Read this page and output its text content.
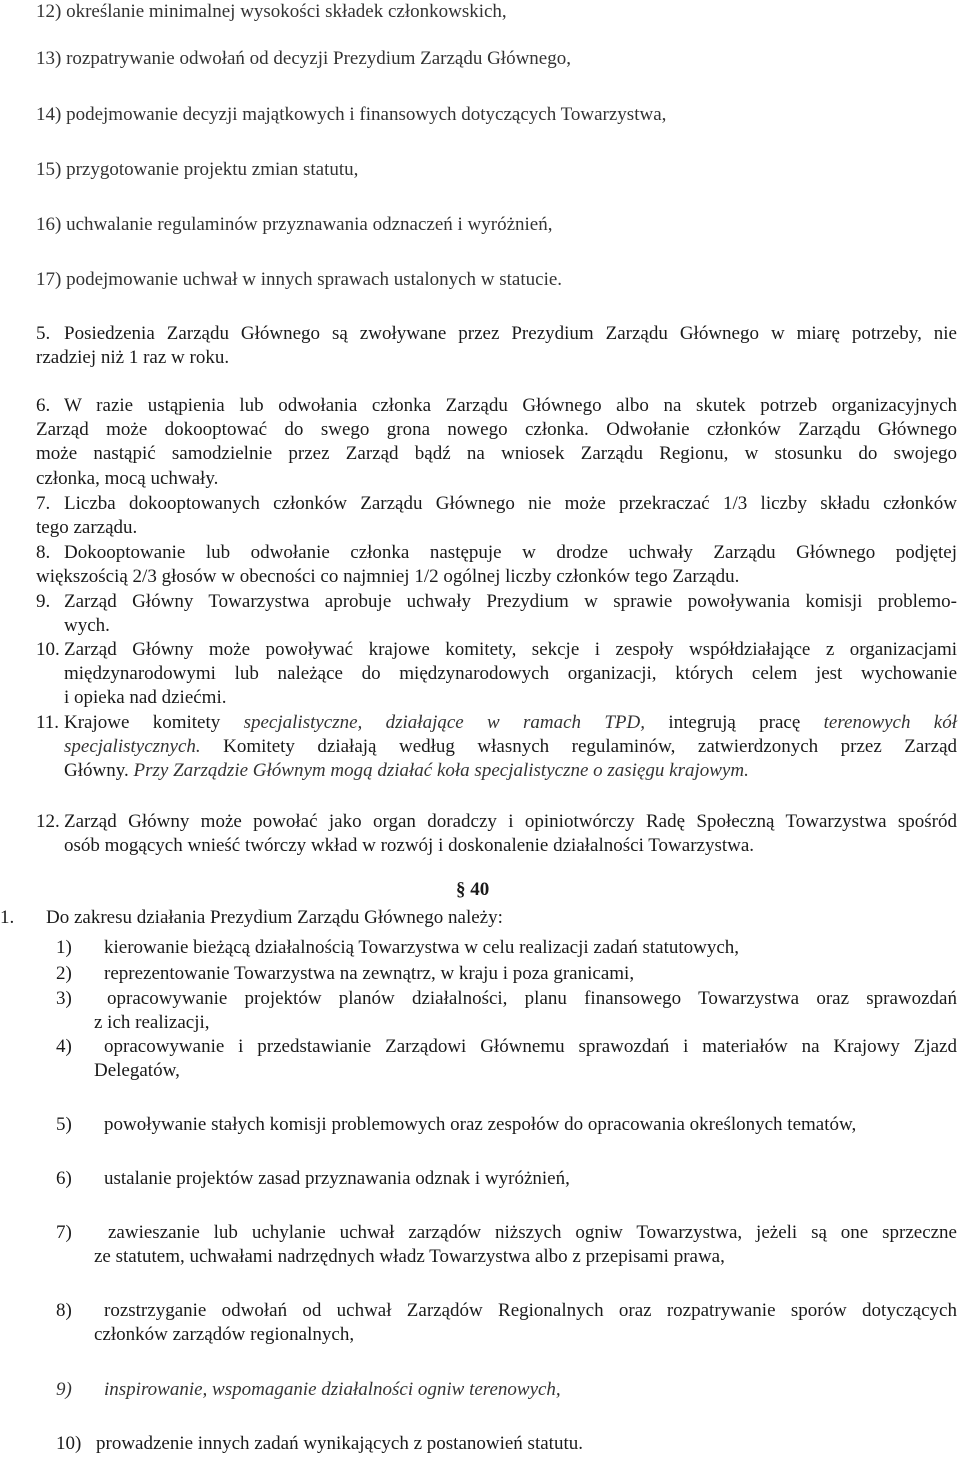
12) określanie minimalnej wysokości składek członkowskich,
13) rozpatrywanie odwołań od decyzji Prezydium Zarządu Głównego,
14) podejmowanie decyzji majątkowych i finansowych dotyczących Towarzystwa,
15) przygotowanie projektu zmian statutu,
16) uchwalanie regulaminów przyznawania odznaczeń i wyróżnień,
17) podejmowanie uchwał w innych sprawach ustalonych w statucie.
5. Posiedzenia Zarządu Głównego są zwoływane przez Prezydium Zarządu Głównego w miarę potrzeby, nie
rzadziej niż 1 raz w roku.
6. W razie ustąpienia lub odwołania członka Zarządu Głównego albo na skutek potrzeb organizacyjnych
Zarząd może dokooptować do swego grona nowego członka. Odwołanie członków Zarządu Głównego
może nastąpić samodzielnie przez Zarząd bądź na wniosek Zarządu Regionu, w stosunku do swojego
członka, mocą uchwały.
7. Liczba dokooptowanych członków Zarządu Głównego nie może przekraczać 1/3 liczby składu członków
tego zarządu.
8. Dokooptowanie lub odwołanie członka następuje w drodze uchwały Zarządu Głównego podjętej
większością 2/3 głosów w obecności co najmniej 1/2 ogólnej liczby członków tego Zarządu.
9. Zarząd Główny Towarzystwa aprobuje uchwały Prezydium w sprawie powoływania komisji problemo-
wych.
10. Zarząd Główny może powoływać krajowe komitety, sekcje i zespoły współdziałające z organizacjami
międzynarodowymi lub należące do międzynarodowych organizacji, których celem jest wychowanie
i opieka nad dziećmi.
11. Krajowe komitety specjalistyczne, działające w ramach TPD, integrują pracę terenowych kół
specjalistycznych. Komitety działają według własnych regulaminów, zatwierdzonych przez Zarząd
Główny. Przy Zarządzie Głównym mogą działać koła specjalistyczne o zasięgu krajowym.
12. Zarząd Główny może powołać jako organ doradczy i opiniotwórczy Radę Społeczną Towarzystwa spośród
osób mogących wnieść twórczy wkład w rozwój i doskonalenie działalności Towarzystwa.
§ 40
1. Do zakresu działania Prezydium Zarządu Głównego należy:
1) kierowanie bieżącą działalnością Towarzystwa w celu realizacji zadań statutowych,
2) reprezentowanie Towarzystwa na zewnątrz, w kraju i poza granicami,
3) opracowywanie projektów planów działalności, planu finansowego Towarzystwa oraz sprawozdań
z ich realizacji,
4) opracowywanie i przedstawianie Zarządowi Głównemu sprawozdań i materiałów na Krajowy Zjazd
Delegatów,
5) powoływanie stałych komisji problemowych oraz zespołów do opracowania określonych tematów,
6) ustalanie projektów zasad przyznawania odznak i wyróżnień,
7) zawieszanie lub uchylanie uchwał zarządów niższych ogniw Towarzystwa, jeżeli są one sprzeczne
ze statutem, uchwałami nadrzędnych władz Towarzystwa albo z przepisami prawa,
8) rozstrzyganie odwołań od uchwał Zarządów Regionalnych oraz rozpatrywanie sporów dotyczących
członków zarządów regionalnych,
9) inspirowanie, wspomaganie działalności ogniw terenowych,
10) prowadzenie innych zadań wynikających z postanowień statutu.
